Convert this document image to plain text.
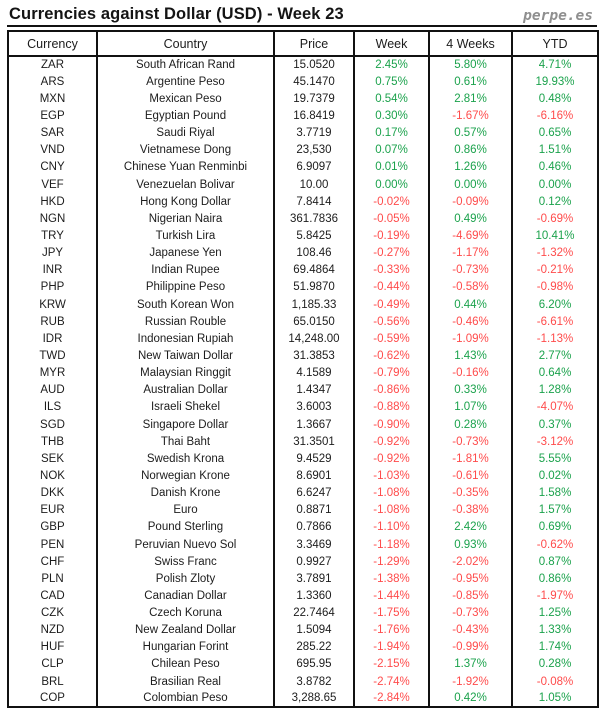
Currencies against Dollar (USD) - Week 23	perpe.es
Currency	Country	Price	Week	4 Weeks	YTD
ZAR	South African Rand	15.0520	2.45%	5.80%	4.71%
ARS	Argentine Peso	45.1470	0.75%	0.61%	19.93%
MXN	Mexican Peso	19.7379	0.54%	2.81%	0.48%
EGP	Egyptian Pound	16.8419	0.30%	-1.67%	-6.16%
SAR	Saudi Riyal	3.7719	0.17%	0.57%	0.65%
VND	Vietnamese Dong	23,530	0.07%	0.86%	1.51%
CNY	Chinese Yuan Renminbi	6.9097	0.01%	1.26%	0.46%
VEF	Venezuelan Bolivar	10.00	0.00%	0.00%	0.00%
HKD	Hong Kong Dollar	7.8414	-0.02%	-0.09%	0.12%
NGN	Nigerian Naira	361.7836	-0.05%	0.49%	-0.69%
TRY	Turkish Lira	5.8425	-0.19%	-4.69%	10.41%
JPY	Japanese Yen	108.46	-0.27%	-1.17%	-1.32%
INR	Indian Rupee	69.4864	-0.33%	-0.73%	-0.21%
PHP	Philippine Peso	51.9870	-0.44%	-0.58%	-0.98%
KRW	South Korean Won	1,185.33	-0.49%	0.44%	6.20%
RUB	Russian Rouble	65.0150	-0.56%	-0.46%	-6.61%
IDR	Indonesian Rupiah	14,248.00	-0.59%	-1.09%	-1.13%
TWD	New Taiwan Dollar	31.3853	-0.62%	1.43%	2.77%
MYR	Malaysian Ringgit	4.1589	-0.79%	-0.16%	0.64%
AUD	Australian Dollar	1.4347	-0.86%	0.33%	1.28%
ILS	Israeli Shekel	3.6003	-0.88%	1.07%	-4.07%
SGD	Singapore Dollar	1.3667	-0.90%	0.28%	0.37%
THB	Thai Baht	31.3501	-0.92%	-0.73%	-3.12%
SEK	Swedish Krona	9.4529	-0.92%	-1.81%	5.55%
NOK	Norwegian Krone	8.6901	-1.03%	-0.61%	0.02%
DKK	Danish Krone	6.6247	-1.08%	-0.35%	1.58%
EUR	Euro	0.8871	-1.08%	-0.38%	1.57%
GBP	Pound Sterling	0.7866	-1.10%	2.42%	0.69%
PEN	Peruvian Nuevo Sol	3.3469	-1.18%	0.93%	-0.62%
CHF	Swiss Franc	0.9927	-1.29%	-2.02%	0.87%
PLN	Polish Zloty	3.7891	-1.38%	-0.95%	0.86%
CAD	Canadian Dollar	1.3360	-1.44%	-0.85%	-1.97%
CZK	Czech Koruna	22.7464	-1.75%	-0.73%	1.25%
NZD	New Zealand Dollar	1.5094	-1.76%	-0.43%	1.33%
HUF	Hungarian Forint	285.22	-1.94%	-0.99%	1.74%
CLP	Chilean Peso	695.95	-2.15%	1.37%	0.28%
BRL	Brasilian Real	3.8782	-2.74%	-1.92%	-0.08%
COP	Colombian Peso	3,288.65	-2.84%	0.42%	1.05%
